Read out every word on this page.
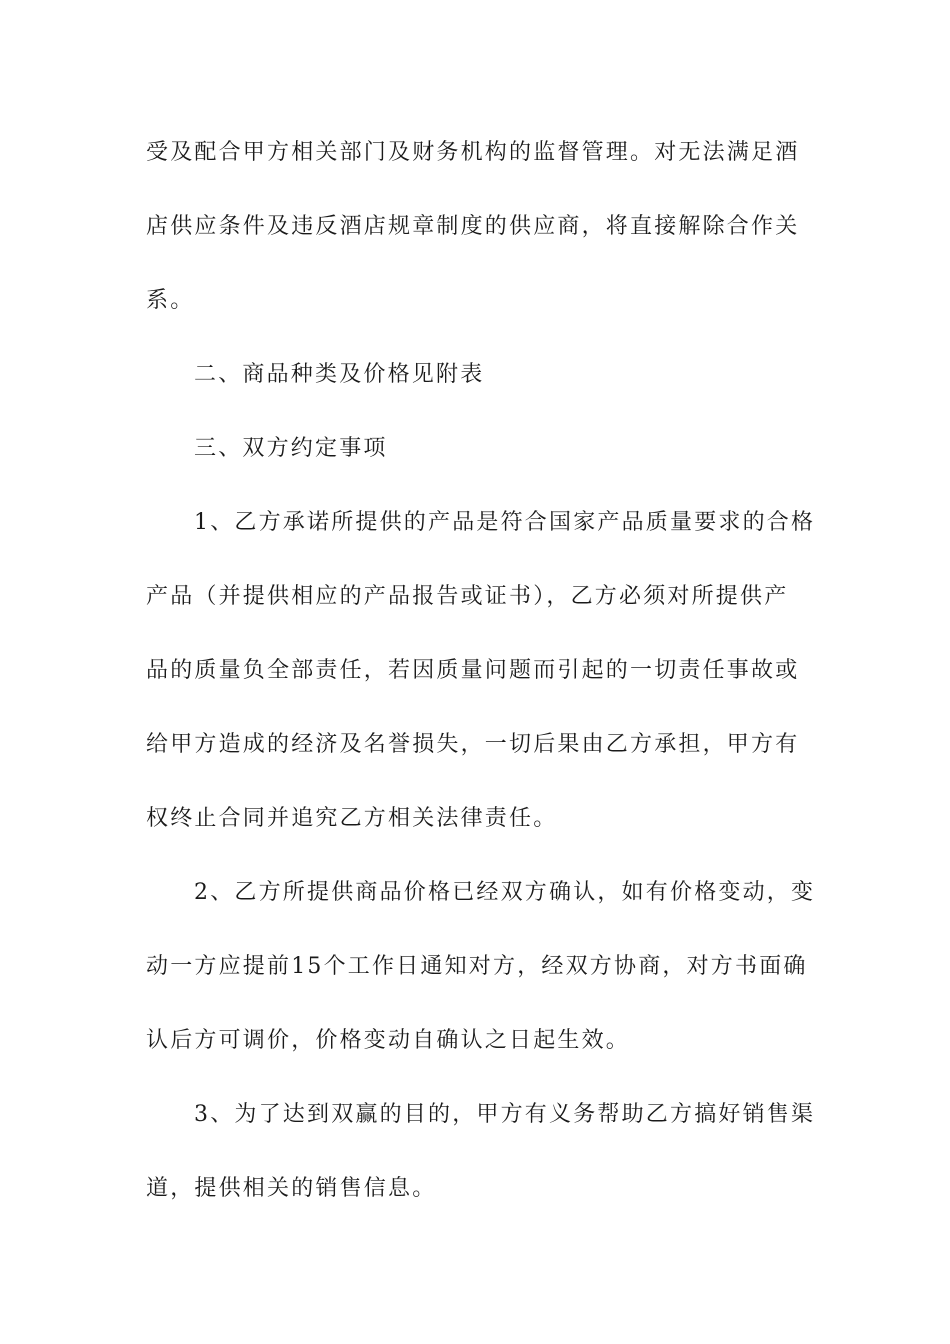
受及配合甲方相关部门及财务机构的监督管理。对无法满足酒
店供应条件及违反酒店规章制度的供应商，将直接解除合作关
系。
二、商品种类及价格见附表
三、双方约定事项
1、乙方承诺所提供的产品是符合国家产品质量要求的合格
产品（并提供相应的产品报告或证书），乙方必须对所提供产
品的质量负全部责任，若因质量问题而引起的一切责任事故或
给甲方造成的经济及名誉损失，一切后果由乙方承担，甲方有
权终止合同并追究乙方相关法律责任。
2、乙方所提供商品价格已经双方确认，如有价格变动，变
动一方应提前15个工作日通知对方，经双方协商，对方书面确
认后方可调价，价格变动自确认之日起生效。
3、为了达到双赢的目的，甲方有义务帮助乙方搞好销售渠
道，提供相关的销售信息。
